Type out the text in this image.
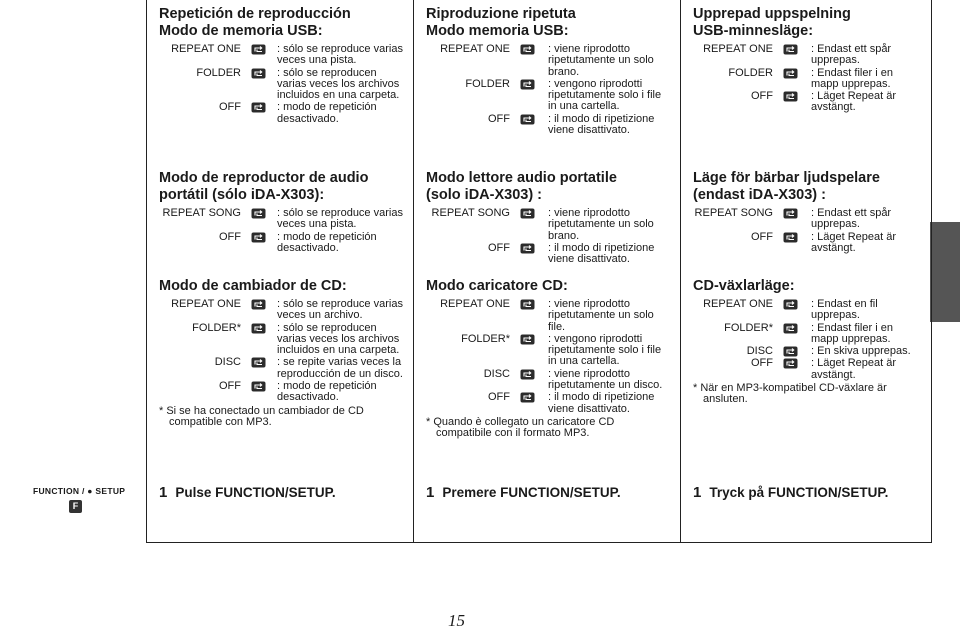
FUNCTION / ● SETUP
F
Repetición de reproducción
Modo de memoria USB:
REPEAT ONE	: sólo se reproduce varias veces una pista.
FOLDER	: sólo se reproducen varias veces los archivos incluidos en una carpeta.
OFF	: modo de repetición desactivado.
Modo de reproductor de audio
portátil (sólo iDA-X303):
REPEAT SONG	: sólo se reproduce varias veces una pista.
OFF	: modo de repetición desactivado.
Modo de cambiador de CD:
REPEAT ONE	: sólo se reproduce varias veces un archivo.
FOLDER*	: sólo se reproducen varias veces los archivos incluidos en una carpeta.
DISC	: se repite varias veces la reproducción de un disco.
OFF	: modo de repetición desactivado.
* Si se ha conectado un cambiador de CD compatible con MP3.
1 Pulse FUNCTION/SETUP.
Riproduzione ripetuta
Modo memoria USB:
REPEAT ONE	: viene riprodotto ripetutamente un solo brano.
FOLDER	: vengono riprodotti ripetutamente solo i file in una cartella.
OFF	: il modo di ripetizione viene disattivato.
Modo lettore audio portatile
(solo iDA-X303) :
REPEAT SONG	: viene riprodotto ripetutamente un solo brano.
OFF	: il modo di ripetizione viene disattivato.
Modo caricatore CD:
REPEAT ONE	: viene riprodotto ripetutamente un solo file.
FOLDER*	: vengono riprodotti ripetutamente solo i file in una cartella.
DISC	: viene riprodotto ripetutamente un disco.
OFF	: il modo di ripetizione viene disattivato.
* Quando è collegato un caricatore CD compatibile con il formato MP3.
1 Premere FUNCTION/SETUP.
Upprepad uppspelning
USB-minnesläge:
REPEAT ONE	: Endast ett spår upprepas.
FOLDER	: Endast filer i en mapp upprepas.
OFF	: Läget Repeat är avstängt.
Läge för bärbar ljudspelare
(endast iDA-X303) :
REPEAT SONG	: Endast ett spår upprepas.
OFF	: Läget Repeat är avstängt.
CD-växlarläge:
REPEAT ONE	: Endast en fil upprepas.
FOLDER*	: Endast filer i en mapp upprepas.
DISC	: En skiva upprepas.
OFF	: Läget Repeat är avstängt.
* När en MP3-kompatibel CD-växlare är ansluten.
1 Tryck på FUNCTION/SETUP.
15
